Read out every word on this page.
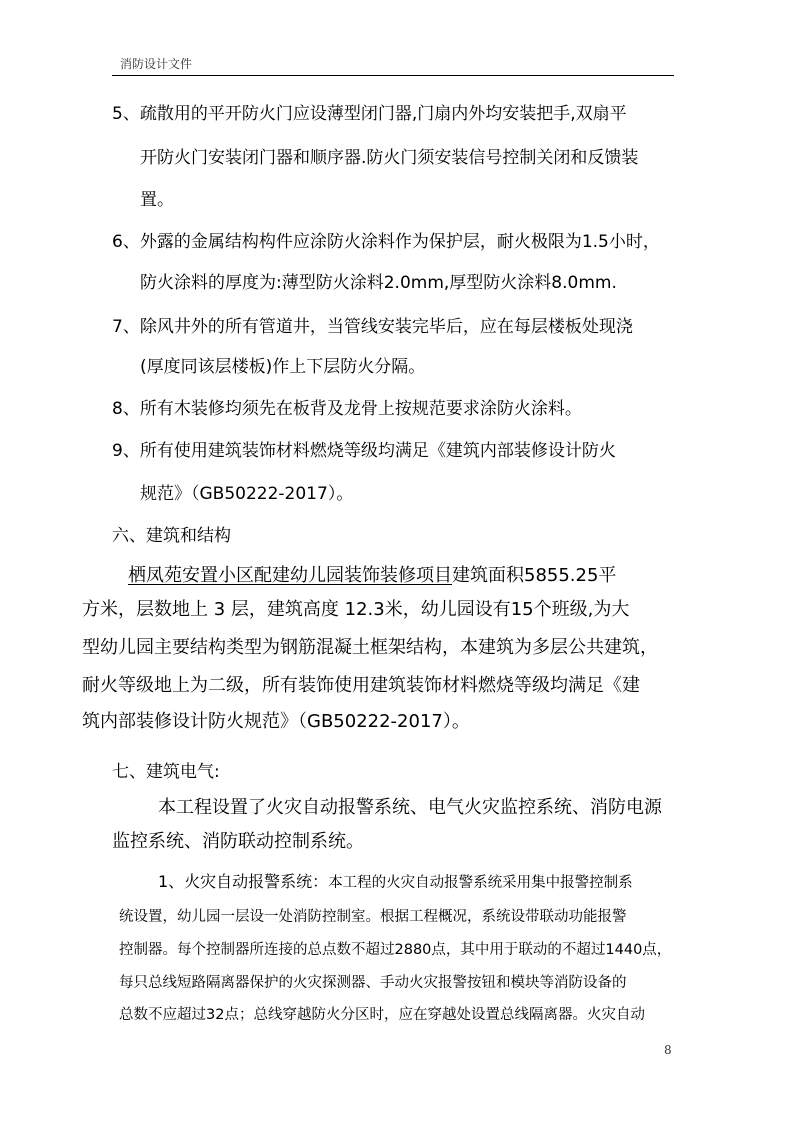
消防设计文件
5、疏散用的平开防火门应设薄型闭门器,门扇内外均安装把手,双扇平
开防火门安装闭门器和顺序器.防火门须安装信号控制关闭和反馈装
置。
6、外露的金属结构构件应涂防火涂料作为保护层，耐火极限为1.5小时，
防火涂料的厚度为:薄型防火涂料2.0mm,厚型防火涂料8.0mm.
7、除风井外的所有管道井，当管线安装完毕后，应在每层楼板处现浇
(厚度同该层楼板)作上下层防火分隔。
8、所有木装修均须先在板背及龙骨上按规范要求涂防火涂料。
9、所有使用建筑装饰材料燃烧等级均满足《建筑内部装修设计防火
规范》（GB50222-2017）。
六、建筑和结构
栖凤苑安置小区配建幼儿园装饰装修项目建筑面积5855.25平
方米，层数地上 3 层，建筑高度 12.3米，幼儿园设有15个班级,为大
型幼儿园主要结构类型为钢筋混凝土框架结构，本建筑为多层公共建筑，
耐火等级地上为二级，所有装饰使用建筑装饰材料燃烧等级均满足《建
筑内部装修设计防火规范》（GB50222-2017）。
七、建筑电气:
本工程设置了火灾自动报警系统、电气火灾监控系统、消防电源
监控系统、消防联动控制系统。
1、火灾自动报警系统：本工程的火灾自动报警系统采用集中报警控制系
统设置，幼儿园一层设一处消防控制室。根据工程概况，系统设带联动功能报警
控制器。每个控制器所连接的总点数不超过2880点，其中用于联动的不超过1440点，
每只总线短路隔离器保护的火灾探测器、手动火灾报警按钮和模块等消防设备的
总数不应超过32点；总线穿越防火分区时，应在穿越处设置总线隔离器。火灾自动
8
